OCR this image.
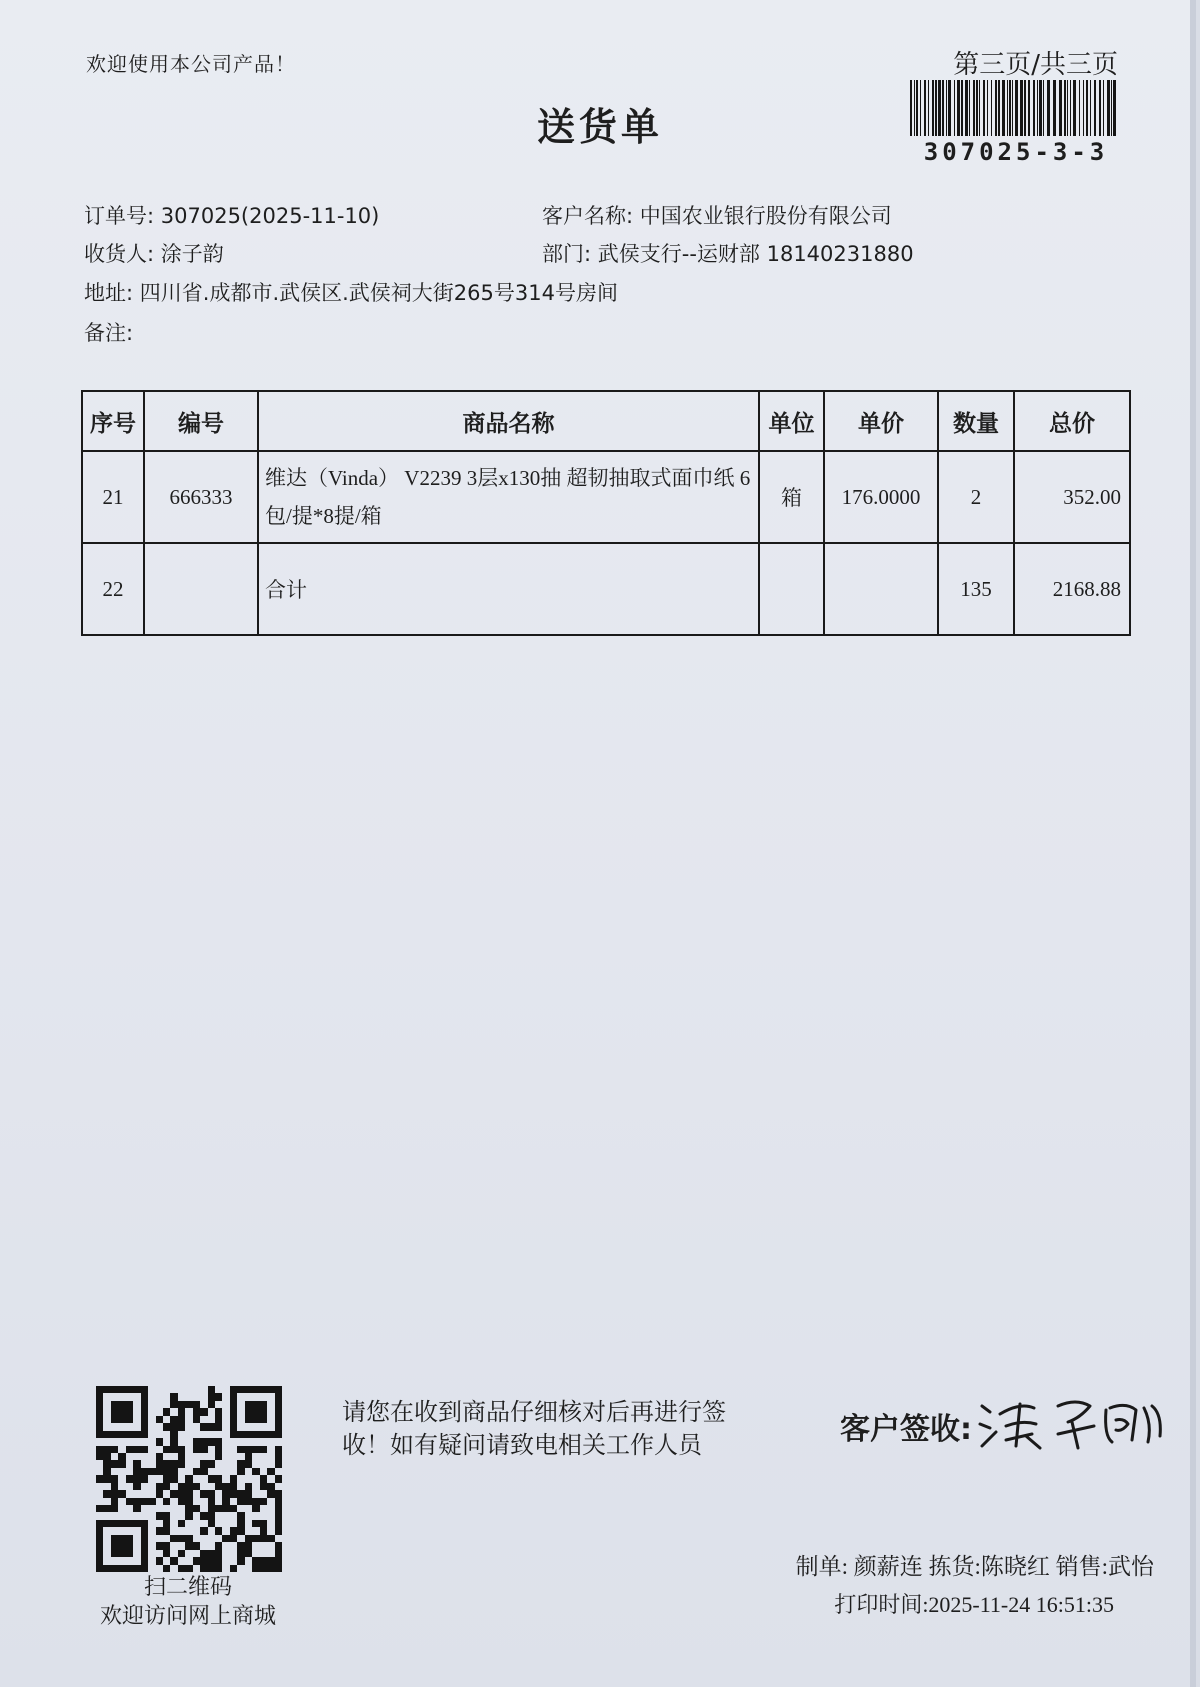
欢迎使用本公司产品！	第三页/共三页
送货单
307025-3-3
订单号: 307025(2025-11-10)	客户名称: 中国农业银行股份有限公司
收货人: 涂子韵	部门: 武侯支行--运财部 18140231880
地址: 四川省.成都市.武侯区.武侯祠大街265号314号房间
备注:
序号	编号	商品名称	单位	单价	数量	总价
21	666333	维达（Vinda） V2239 3层x130抽 超韧抽取式面巾纸 6包/提*8提/箱	箱	176.0000	2	352.00
22		合计			135	2168.88
扫二维码
欢迎访问网上商城
请您在收到商品仔细核对后再进行签收！如有疑问请致电相关工作人员	客户签收:
制单: 颜薪连 拣货:陈晓红 销售:武怡
打印时间:2025-11-24 16:51:35
